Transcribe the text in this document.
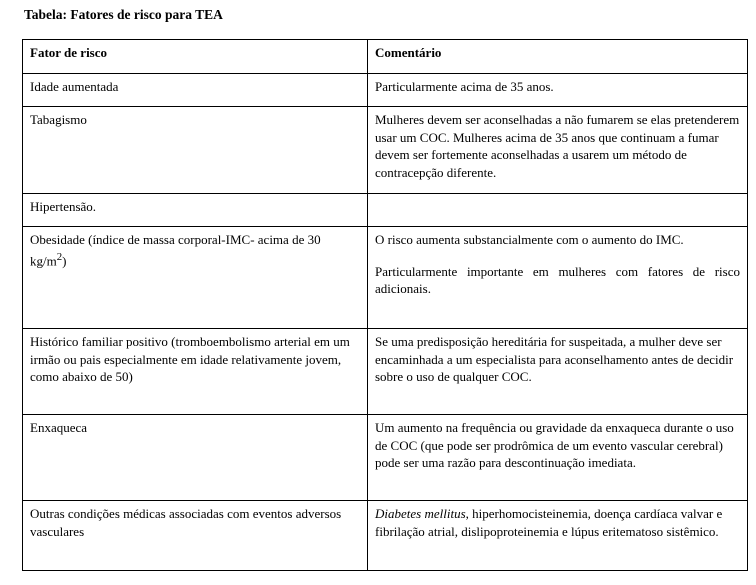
Tabela: Fatores de risco para TEA
Fator de risco	Comentário
Idade aumentada	Particularmente acima de 35 anos.
Tabagismo	Mulheres devem ser aconselhadas a não fumarem se elas pretenderem usar um COC. Mulheres acima de 35 anos que continuam a fumar devem ser fortemente aconselhadas a usarem um método de contracepção diferente.
Hipertensão.	
Obesidade (índice de massa corporal-IMC- acima de 30 $kg/m^2$)	O risco aumenta substancialmente com o aumento do IMC.
Particularmente importante em mulheres com fatores de risco adicionais.

Histórico familiar positivo (tromboembolismo arterial em um irmão ou pais especialmente em idade relativamente jovem, como abaixo de 50)	Se uma predisposição hereditária for suspeitada, a mulher deve ser encaminhada a um especialista para aconselhamento antes de decidir sobre o uso de qualquer COC.
Enxaqueca	Um aumento na frequência ou gravidade da enxaqueca durante o uso de COC (que pode ser prodrômica de um evento vascular cerebral) pode ser uma razão para descontinuação imediata.
Outras condições médicas associadas com eventos adversos vasculares	Diabetes mellitus, hiperhomocisteinemia, doença cardíaca valvar e fibrilação atrial, dislipoproteinemia e lúpus eritematoso sistêmico.
